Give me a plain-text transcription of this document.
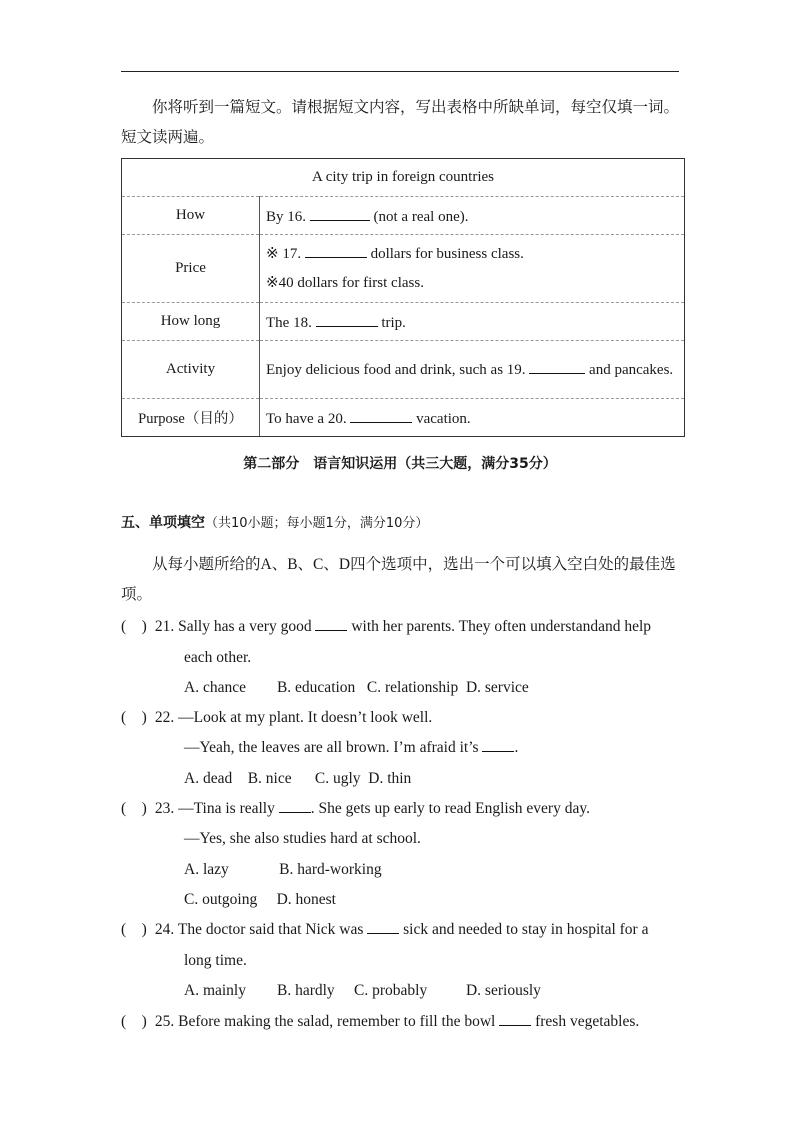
你将听到一篇短文。请根据短文内容，写出表格中所缺单词，每空仅填一词。短文读两遍。
A city trip in foreign countries	
How	By 16. (not a real one).
Price	※ 17. dollars for business class.
※40 dollars for first class.

How long	The 18. trip.
Activity	Enjoy delicious food and drink, such as 19. and pancakes.

Purpose（目的）	To have a 20. vacation.
第二部分　语言知识运用（共三大题，满分35分）
五、单项填空（共10小题；每小题1分，满分10分）
从每小题所给的A、B、C、D四个选项中，选出一个可以填入空白处的最佳选项。
(　) 21. Sally has a very good	with her parents. They often understandand help
each other.
A. chance        B. education   C. relationship  D. service
(　) 22. —Look at my plant. It doesn’t look well.
—Yeah, the leaves are all brown. I’m afraid it’s .
A. dead    B. nice      C. ugly  D. thin
(　) 23. —Tina is really . She gets up early to read English every day.
—Yes, she also studies hard at school.
A. lazy             B. hard-working
C. outgoing     D. honest
(　) 24. The doctor said that Nick was	sick and needed to stay in hospital for a
long time.
A. mainly        B. hardly     C. probably          D. seriously
(　) 25. Before making the salad, remember to fill the bowl	fresh vegetables.
